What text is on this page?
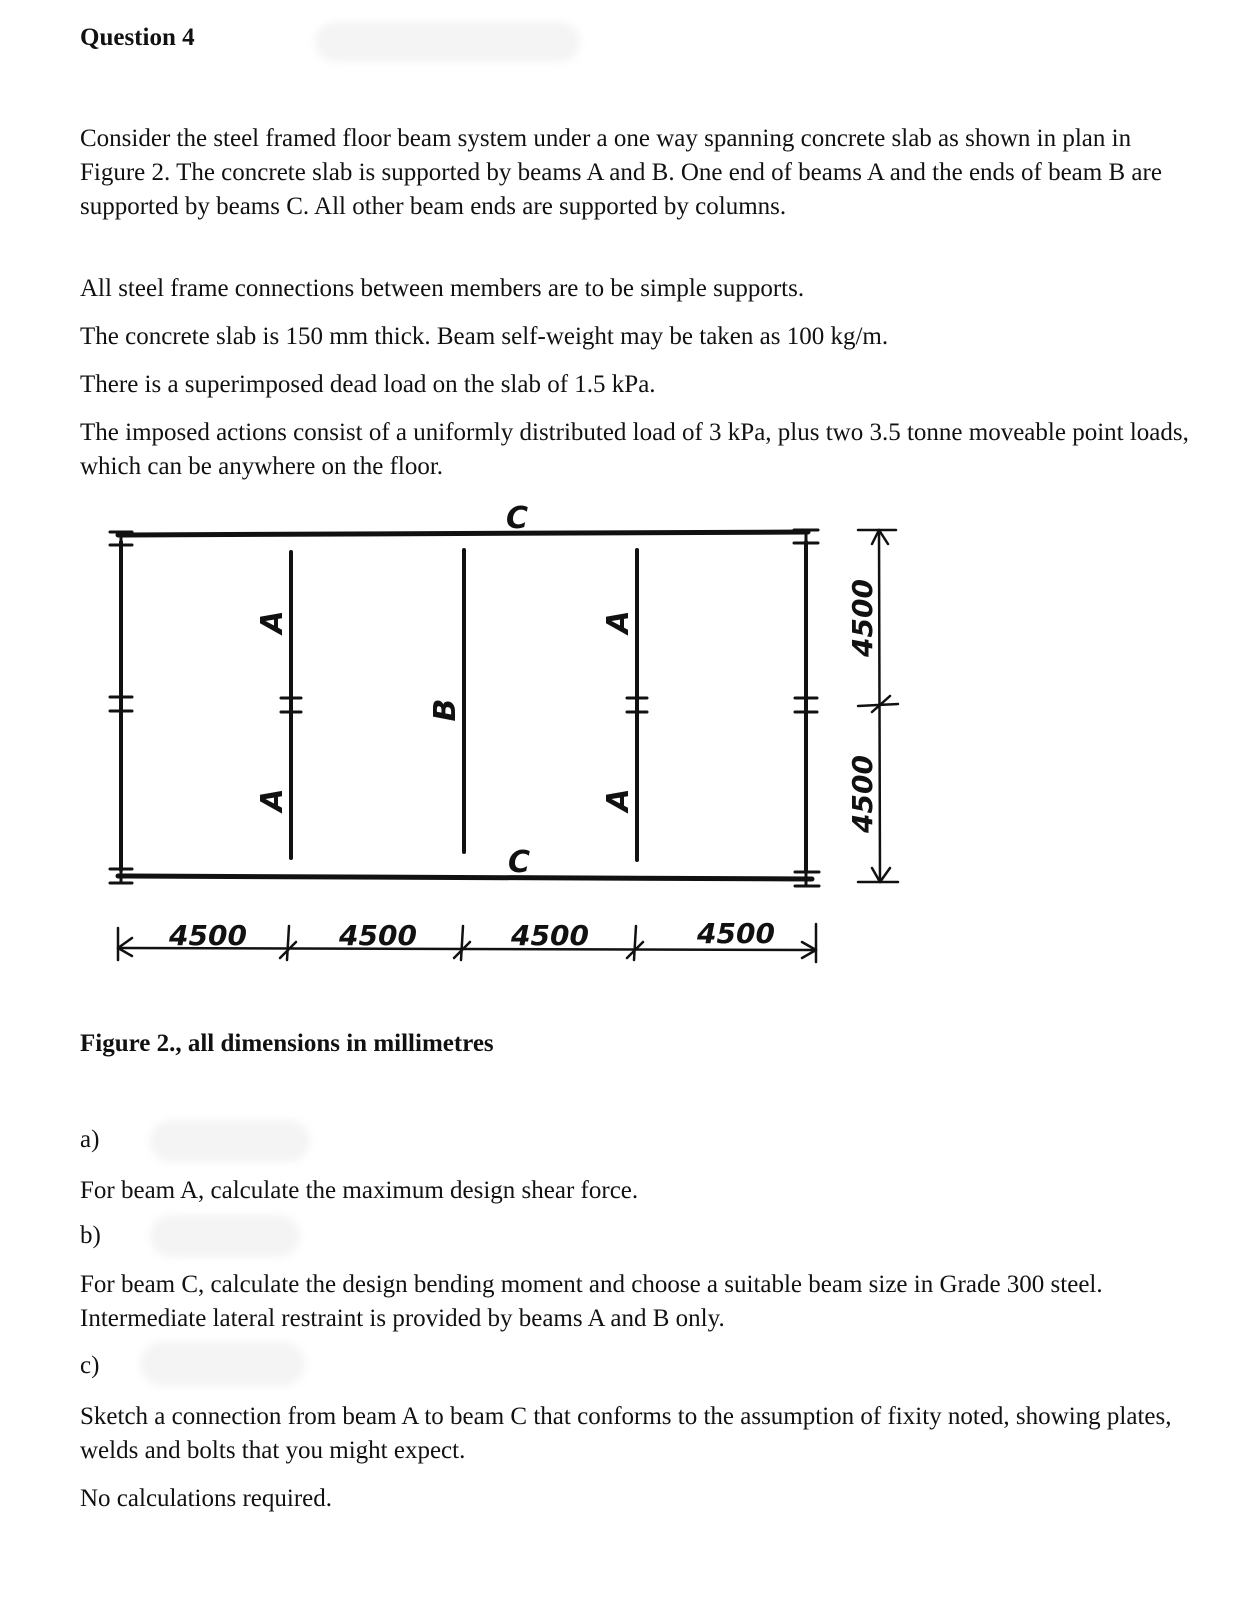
Question 4

Consider the steel framed floor beam system under a one way spanning concrete slab as shown in plan in Figure 2. The concrete slab is supported by beams A and B. One end of beams A and the ends of beam B are supported by beams C. All other beam ends are supported by columns.

All steel frame connections between members are to be simple supports.

The concrete slab is 150 mm thick. Beam self-weight may be taken as 100 kg/m.

There is a superimposed dead load on the slab of 1.5 kPa.

The imposed actions consist of a uniformly distributed load of 3 kPa, plus two 3.5 tonne moveable point loads, which can be anywhere on the floor.

C
C
A
A
A
A
B
4500	4500	4500	4500
4500
4500

Figure 2., all dimensions in millimetres

a)

For beam A, calculate the maximum design shear force.

b)

For beam C, calculate the design bending moment and choose a suitable beam size in Grade 300 steel. Intermediate lateral restraint is provided by beams A and B only.

c)

Sketch a connection from beam A to beam C that conforms to the assumption of fixity noted, showing plates, welds and bolts that you might expect.

No calculations required.
